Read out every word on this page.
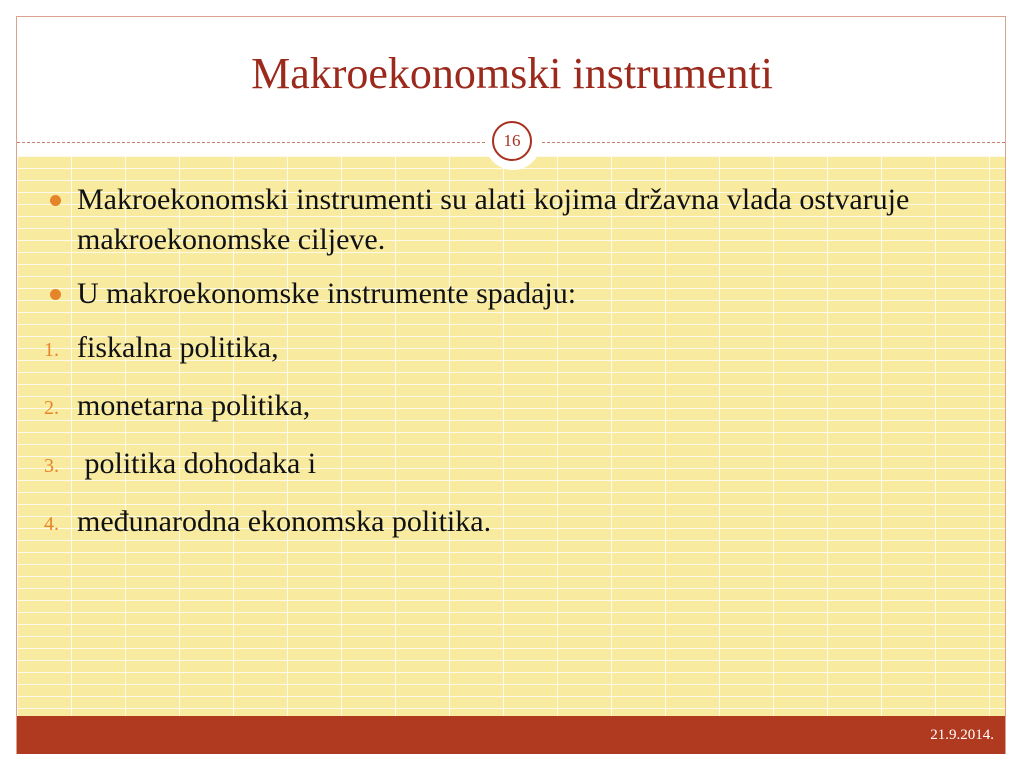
Makroekonomski instrumenti
16
Makroekonomski instrumenti su alati kojima državna vlada ostvaruje makroekonomske ciljeve.
U makroekonomske instrumente spadaju:
1. fiskalna politika,
2. monetarna politika,
3. politika dohodaka i
4. međunarodna ekonomska politika.
21.9.2014.
